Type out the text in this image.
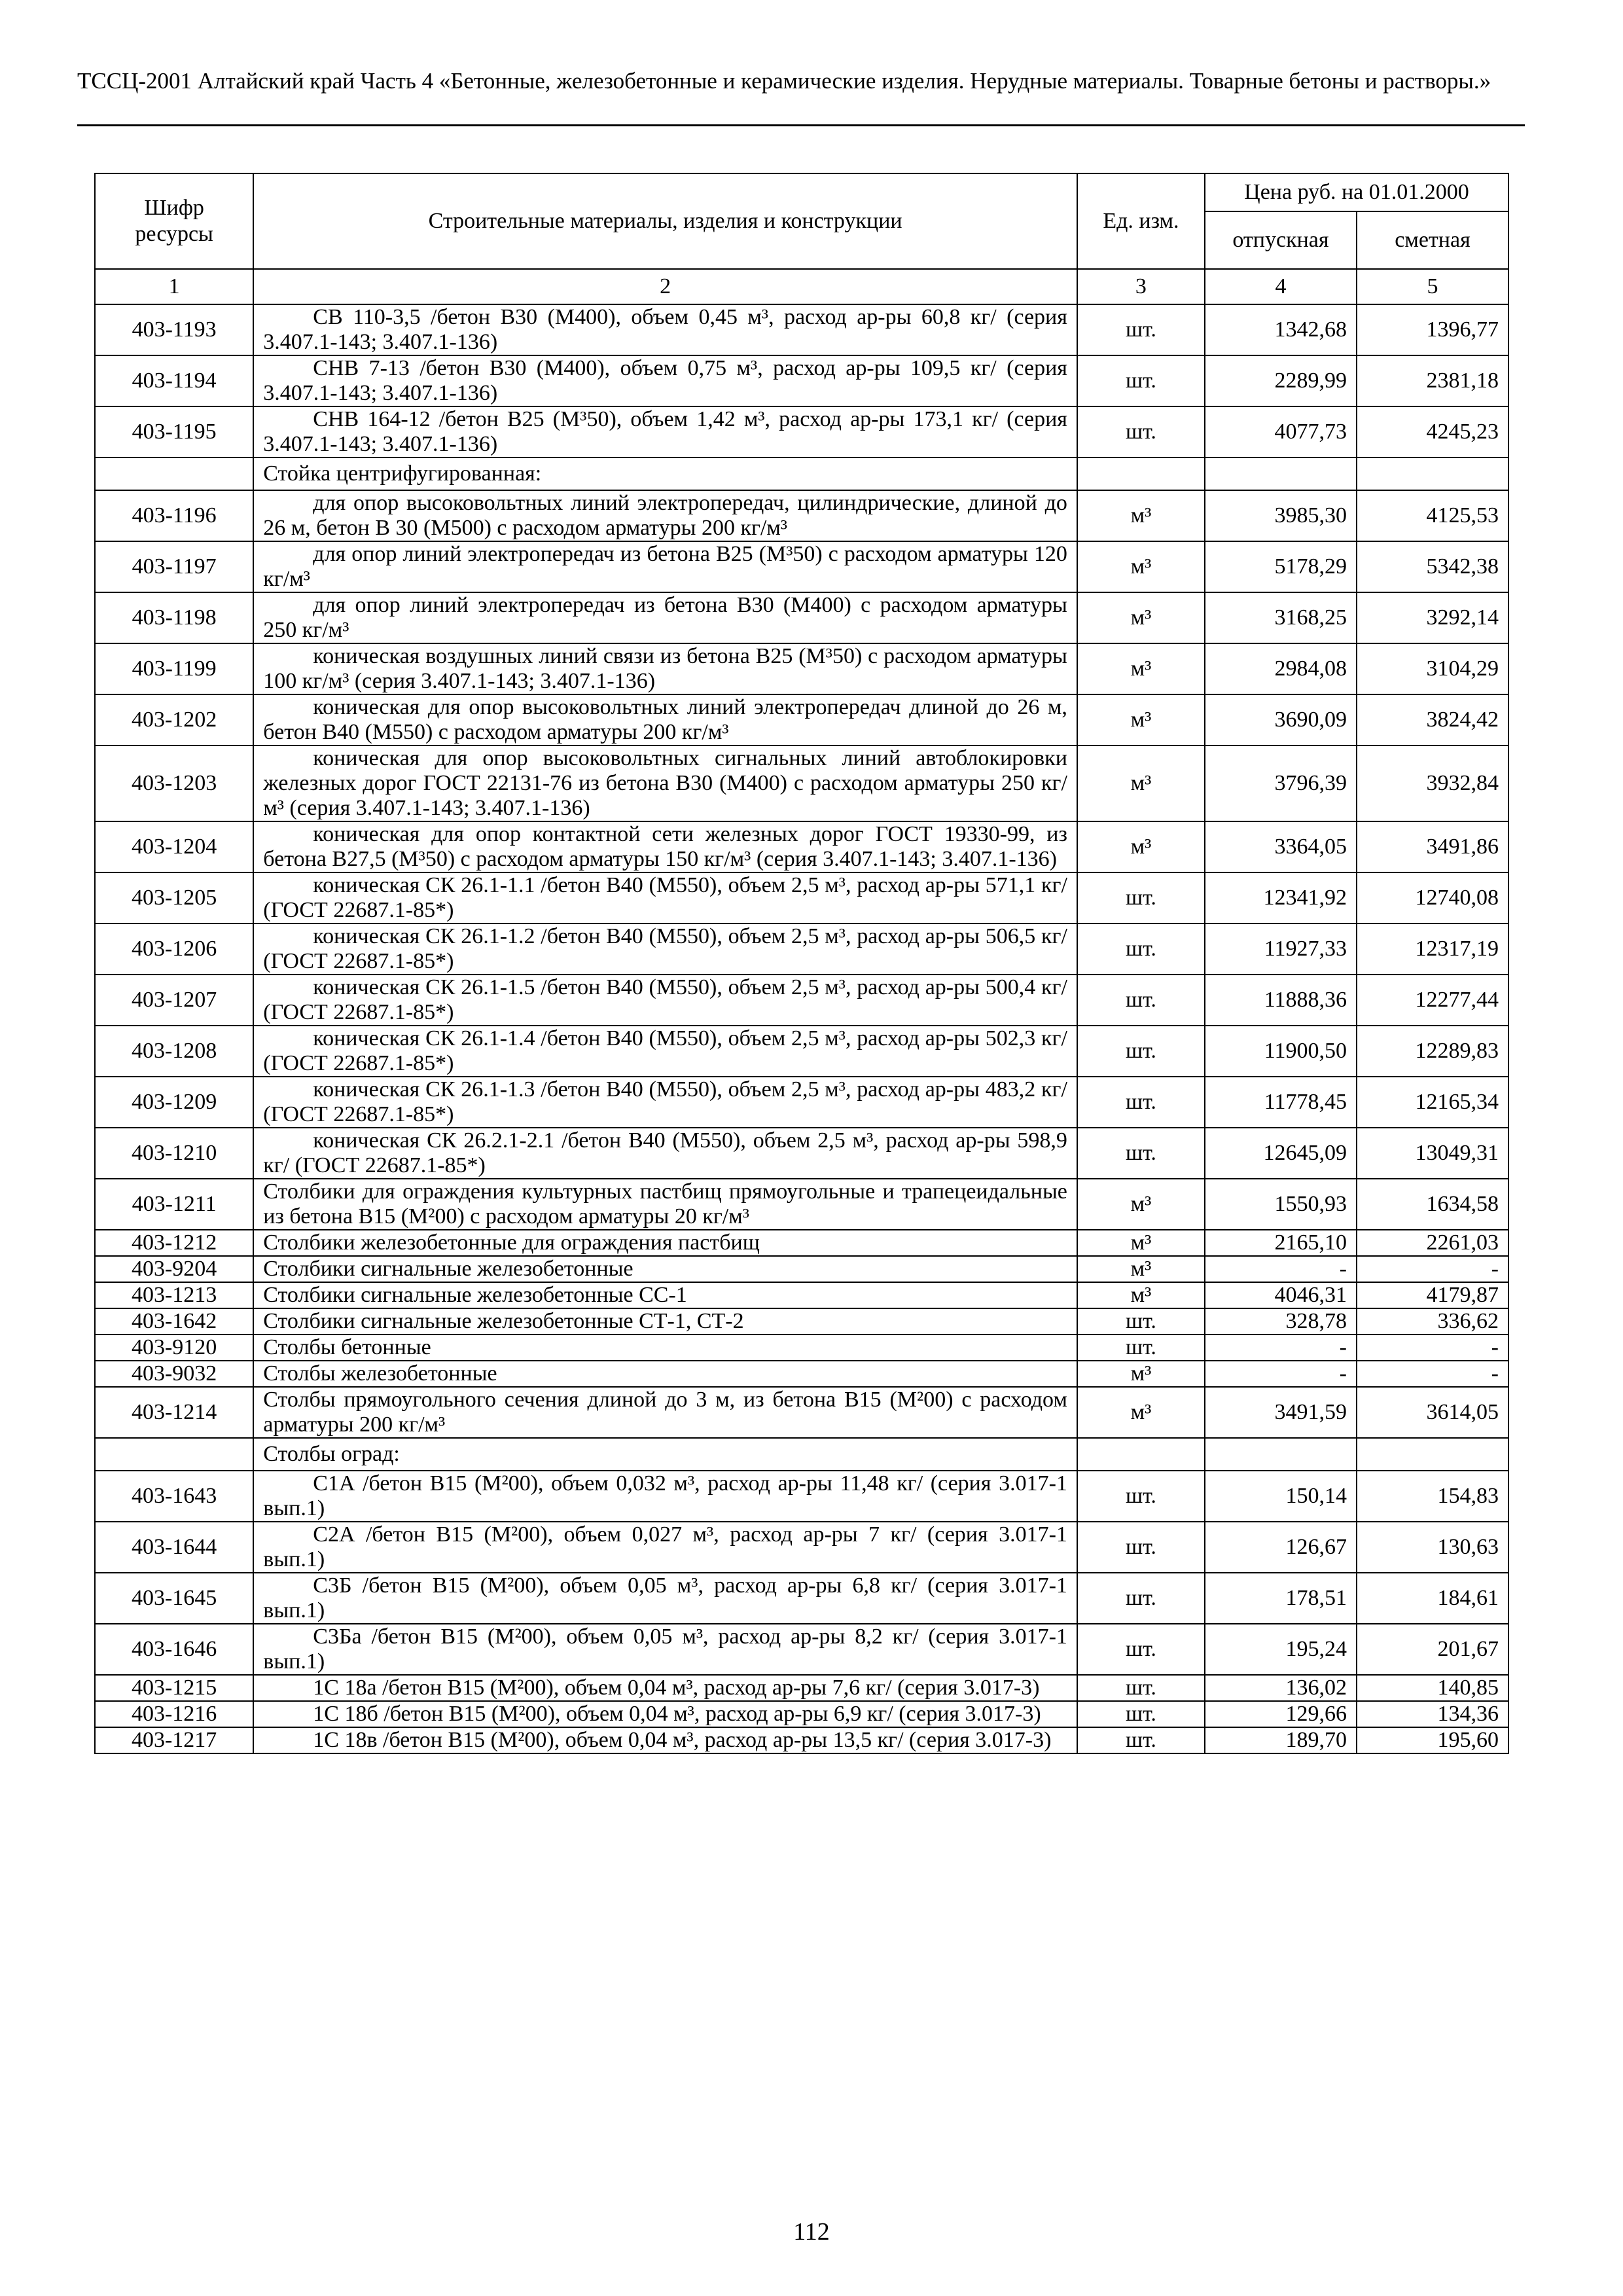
ТССЦ-2001 Алтайский край Часть 4 «Бетонные, железобетонные и керамические изделия. Нерудные материалы. Товарные бетоны и растворы.»
Шифр ресурсы	Строительные материалы, изделия и конструкции	Ед. изм.	Цена руб. на 01.01.2000	
			отпускная	сметная
1	2	3	4	5
403-1193	СВ 110-3,5 /бетон В30 (М400), объем 0,45 м³, расход ар-ры 60,8 кг/ (серия 3.407.1-143; 3.407.1-136)	шт.	1342,68	1396,77
403-1194	СНВ 7-13 /бетон В30 (М400), объем 0,75 м³, расход ар-ры 109,5 кг/ (серия 3.407.1-143; 3.407.1-136)	шт.	2289,99	2381,18
403-1195	СНВ 164-12 /бетон В25 (М³50), объем 1,42 м³, расход ар-ры 173,1 кг/ (серия 3.407.1-143; 3.407.1-136)	шт.	4077,73	4245,23
	Стойка центрифугированная:			
403-1196	для опор высоковольтных линий электропередач, цилиндрические, длиной до 26 м, бетон В 30 (М500) с расходом арматуры 200 кг/м³	м³	3985,30	4125,53
403-1197	для опор линий электропередач из бетона В25 (М³50) с расходом арматуры 120 кг/м³	м³	5178,29	5342,38
403-1198	для опор линий электропередач из бетона В30 (М400) с расходом арматуры 250 кг/м³	м³	3168,25	3292,14
403-1199	коническая воздушных линий связи из бетона В25 (М³50) с расходом арматуры 100 кг/м³ (серия 3.407.1-143; 3.407.1-136)	м³	2984,08	3104,29
403-1202	коническая для опор высоковольтных линий электропередач длиной до 26 м, бетон В40 (М550) с расходом арматуры 200 кг/м³	м³	3690,09	3824,42
403-1203	коническая для опор высоковольтных сигнальных линий автоблокировки железных дорог ГОСТ 22131-76 из бетона В30 (М400) с расходом арматуры 250 кг/м³ (серия 3.407.1-143; 3.407.1-136)	м³	3796,39	3932,84
403-1204	коническая для опор контактной сети железных дорог ГОСТ 19330-99, из бетона В27,5 (М³50) с расходом арматуры 150 кг/м³ (серия 3.407.1-143; 3.407.1-136)	м³	3364,05	3491,86
403-1205	коническая СК 26.1-1.1 /бетон В40 (М550), объем 2,5 м³, расход ар-ры 571,1 кг/ (ГОСТ 22687.1-85*)	шт.	12341,92	12740,08
403-1206	коническая СК 26.1-1.2 /бетон В40 (М550), объем 2,5 м³, расход ар-ры 506,5 кг/ (ГОСТ 22687.1-85*)	шт.	11927,33	12317,19
403-1207	коническая СК 26.1-1.5 /бетон В40 (М550), объем 2,5 м³, расход ар-ры 500,4 кг/ (ГОСТ 22687.1-85*)	шт.	11888,36	12277,44
403-1208	коническая СК 26.1-1.4 /бетон В40 (М550), объем 2,5 м³, расход ар-ры 502,3 кг/ (ГОСТ 22687.1-85*)	шт.	11900,50	12289,83
403-1209	коническая СК 26.1-1.3 /бетон В40 (М550), объем 2,5 м³, расход ар-ры 483,2 кг/ (ГОСТ 22687.1-85*)	шт.	11778,45	12165,34
403-1210	коническая СК 26.2.1-2.1 /бетон В40 (М550), объем 2,5 м³, расход ар-ры 598,9 кг/ (ГОСТ 22687.1-85*)	шт.	12645,09	13049,31
403-1211	Столбики для ограждения культурных пастбищ прямоугольные и трапецеидальные из бетона В15 (М²00) с расходом арматуры 20 кг/м³	м³	1550,93	1634,58
403-1212	Столбики железобетонные для ограждения пастбищ	м³	2165,10	2261,03
403-9204	Столбики сигнальные железобетонные	м³	-	-
403-1213	Столбики сигнальные железобетонные СС-1	м³	4046,31	4179,87
403-1642	Столбики сигнальные железобетонные СТ-1, СТ-2	шт.	328,78	336,62
403-9120	Столбы бетонные	шт.	-	-
403-9032	Столбы железобетонные	м³	-	-
403-1214	Столбы прямоугольного сечения длиной до 3 м, из бетона В15 (М²00) с расходом арматуры 200 кг/м³	м³	3491,59	3614,05
	Столбы оград:			
403-1643	С1А /бетон В15 (М²00), объем 0,032 м³, расход ар-ры 11,48 кг/ (серия 3.017-1 вып.1)	шт.	150,14	154,83
403-1644	С2А /бетон В15 (М²00), объем 0,027 м³, расход ар-ры 7 кг/ (серия 3.017-1 вып.1)	шт.	126,67	130,63
403-1645	С3Б /бетон В15 (М²00), объем 0,05 м³, расход ар-ры 6,8 кг/ (серия 3.017-1 вып.1)	шт.	178,51	184,61
403-1646	С3Ба /бетон В15 (М²00), объем 0,05 м³, расход ар-ры 8,2 кг/ (серия 3.017-1 вып.1)	шт.	195,24	201,67
403-1215	1С 18а /бетон В15 (М²00), объем 0,04 м³, расход ар-ры 7,6 кг/ (серия 3.017-3)	шт.	136,02	140,85
403-1216	1С 18б /бетон В15 (М²00), объем 0,04 м³, расход ар-ры 6,9 кг/ (серия 3.017-3)	шт.	129,66	134,36
403-1217	1С 18в /бетон В15 (М²00), объем 0,04 м³, расход ар-ры 13,5 кг/ (серия 3.017-3)	шт.	189,70	195,60
112
